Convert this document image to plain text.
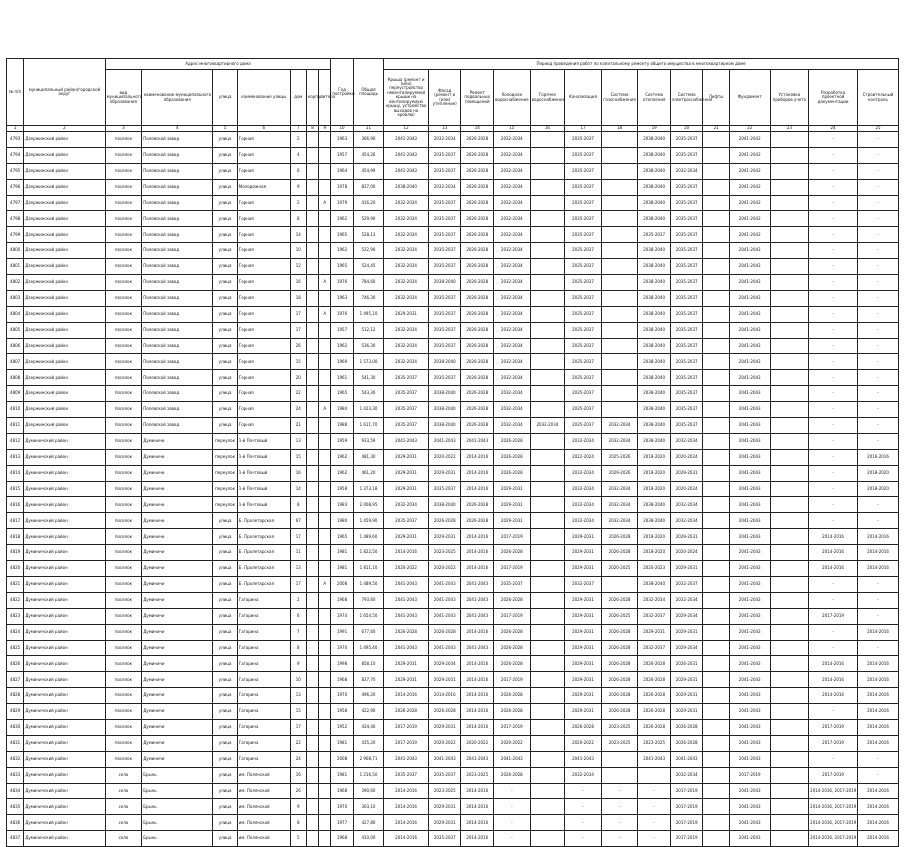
№ п/п	муниципальный район/городской округ	Адрес многоквартирного дома							Год постройки	Общая площадь	Период проведения работ по капитальному ремонту общего имущества в многоквартирном доме													
		вид муниципального образования	наименование муниципального образования	улица	наименование улицы	дом	корпус	литера			Крыша (ремонт и (или) переустройство невентилируемой крыши на вентилируемую крышу, устройство выходов на кровлю)	Фасад (ремонт и (или) утепление)	Ремонт подвальных помещений	Холодное водоснабжение	Горячее водоснабжение	Канализация	Система газоснабжения	Система отопления	Система электроснабжения	Лифты	Фундамент	Установка приборов учета	Разработка проектной документации	Строительный контроль
1	2	3	4	5	6	7	8	9	10	11	12	13	14	15	16	17	18	19	20	21	22	23	24	25
4793	Дзержинский район	поселок	Полевской завод	улица	Горная	2			1963	366,90	2041-2043	2032-2034	2026-2028	2032-2034		2035-2037		2038-2040	2035-2037		2041-2043		-	-
4794	Дзержинский район	поселок	Полевской завод	улица	Горная	4			1957	454,26	2041-2043	2035-2037	2026-2028	2032-2034		2035-2037		2038-2040	2035-2037		2041-2043		-	-
4795	Дзержинский район	поселок	Полевской завод	улица	Горная	6			1964	454,99	2041-2043	2035-2037	2026-2028	2032-2034		2035-2037		2038-2040	2032-2034		2041-2043		-	-
4796	Дзержинский район	поселок	Полевской завод	улица	Молодежная	9			1978	837,00	2038-2040	2032-2034	2026-2028	2032-2034		2035-2037		2038-2040	2035-2037		2041-2043		-	-
4797	Дзержинский район	поселок	Полевской завод	улица	Горная	2		А	1979	416,20	2032-2034	2035-2037	2026-2028	2032-2034		2035-2037		2038-2040	2035-2037		2041-2043		-	-
4798	Дзержинский район	поселок	Полевской завод	улица	Горная	8			1962	529,90	2032-2034	2035-2037	2026-2028	2032-2034		2035-2037		2038-2040	2035-2037		2041-2043		-	-
4799	Дзержинский район	поселок	Полевской завод	улица	Горная	14			1965	528,13	2032-2034	2035-2037	2026-2028	2032-2034		2035-2037		2035-2037	2035-2037		2041-2043		-	-
4800	Дзержинский район	поселок	Полевской завод	улица	Горная	10			1962	522,90	2032-2034	2035-2037	2026-2028	2032-2034		2035-2037		2038-2040	2035-2037		2041-2043		-	-
4801	Дзержинский район	поселок	Полевской завод	улица	Горная	12			1965	524,45	2032-2034	2035-2037	2026-2028	2032-2034		2035-2037		2038-2040	2035-2037		2041-2043		-	-
4802	Дзержинский район	поселок	Полевской завод	улица	Горная	16		А	1976	784,60	2032-2034	2038-2040	2026-2028	2032-2034		2035-2037		2038-2040	2035-2037		2041-2043		-	-
4803	Дзержинский район	поселок	Полевской завод	улица	Горная	18			1963	746,30	2032-2034	2035-2037	2026-2028	2032-2034		2035-2037		2038-2040	2035-2037		2041-2043		-	-
4804	Дзержинский район	поселок	Полевской завод	улица	Горная	17		А	1976	1 495,10	2029-2031	2035-2037	2026-2028	2032-2034		2035-2037		2038-2040	2035-2037		2041-2043		-	-
4805	Дзержинский район	поселок	Полевской завод	улица	Горная	17			1957	512,12	2032-2034	2035-2037	2026-2028	2032-2034		2035-2037		2038-2040	2035-2037		2041-2043		-	-
4806	Дзержинский район	поселок	Полевской завод	улица	Горная	26			1962	536,30	2032-2034	2035-2037	2026-2028	2032-2034		2035-2037		2038-2040	2035-2037		2041-2043		-	-
4807	Дзержинский район	поселок	Полевской завод	улица	Горная	15			1969	1 573,00	2032-2034	2038-2040	2026-2028	2032-2034		2035-2037		2038-2040	2035-2037		2041-2043		-	-
4808	Дзержинский район	поселок	Полевской завод	улица	Горная	20			1961	541,30	2035-2037	2035-2037	2026-2028	2032-2034		2035-2037		2038-2040	2035-2037		2041-2043		-	-
4809	Дзержинский район	поселок	Полевской завод	улица	Горная	22			1965	543,30	2035-2037	2038-2040	2026-2028	2032-2034		2035-2037		2038-2040	2035-2037		2041-2043		-	-
4810	Дзержинский район	поселок	Полевской завод	улица	Горная	24		А	1984	1 423,30	2035-2037	2038-2040	2026-2028	2032-2034		2035-2037		2038-2040	2035-2037		2041-2043		-	-
4811	Дзержинский район	поселок	Полевской завод	улица	Горная	21			1988	1 611,70	2035-2037	2038-2040	2026-2028	2032-2034	2032-2034	2035-2037	2032-2034	2038-2040	2035-2037		2041-2043		-	-
4812	Думиничский район	поселок	Думиничи	переулок	1-й Почтовый	13			1959	933,59	2041-2043	2041-2043	2041-2043	2026-2028		2032-2034	2032-2034	2038-2040	2032-2034		2041-2043		-	-
4813	Думиничский район	поселок	Думиничи	переулок	1-й Почтовый	15			1962	481,30	2029-2031	2020-2022	2014-2016	2026-2028		2022-2024	2025-2026	2018-2020	2020-2024		2041-2043		-	2016-2016
4814	Думиничский район	поселок	Думиничи	переулок	1-й Почтовый	16			1962	461,20	2029-2031	2029-2031	2014-2016	2026-2028		2032-2034	2029-2026	2018-2020	2029-2031		2041-2043		-	2018-2020
4815	Думиничский район	поселок	Думиничи	переулок	1-й Почтовый	14			1958	1 373,18	2029-2031	2035-2037	2014-2016	2029-2031		2032-2034	2032-2034	2018-2020	2020-2024		2041-2043		-	2018-2020
4816	Думиничский район	поселок	Думиничи	переулок	1-й Почтовый	8			1983	2 008,95	2032-2034	2038-2040	2026-2028	2029-2031		2032-2034	2032-2034	2038-2040	2032-2034		2041-2043		-	-
4817	Думиничский район	поселок	Думиничи	улица	Б. Пролетарская	67			1980	1 459,90	2035-2037	2026-2028	2026-2028	2029-2031		2032-2034	2032-2034	2038-2040	2032-2034		2041-2043		-	-
4818	Думиничский район	поселок	Думиничи	улица	Б. Пролетарская	17			1965	1 489,60	2029-2031	2029-2031	2014-2016	2017-2019		2029-2031	2026-2028	2018-2020	2029-2031		2041-2043		2014-2016	2014-2016
4819	Думиничский район	поселок	Думиничи	улица	Б. Пролетарская	11			1981	1 822,50	2014-2016	2023-2025	2014-2016	2026-2028		2029-2031	2026-2028	2018-2020	2020-2024		2041-2043		2014-2016	2014-2016
4820	Думиничский район	поселок	Думиничи	улица	Б. Пролетарская	13			1981	1 811,10	2020-2022	2020-2022	2014-2016	2017-2019		2029-2031	2020-2025	2020-2023	2029-2031		2041-2043		2014-2016	2014-2016
4821	Думиничский район	поселок	Думиничи	улица	Б. Пролетарская	17		А	2008	1 489,50	2041-2043	2041-2043	2041-2043	2035-2037		2032-2037		2038-2040	2032-2037		2041-2043		-	-
4822	Думиничский район	поселок	Думиничи	улица	Гагарина	2			1968	793,60	2041-2043	2041-2043	2041-2043	2026-2028		2029-2031	2026-2028	2032-2034	2032-2034		2041-2043		-	-
4823	Думиничский район	поселок	Думиничи	улица	Гагарина	6			1974	1 654,50	2041-2043	2041-2043	2041-2043	2017-2019		2029-2031	2026-2025	2032-2037	2029-2034		2041-2043		2017-2019	-
4824	Думиничский район	поселок	Думиничи	улица	Гагарина	7			1991	677,60	2026-2028	2026-2028	2014-2016	2026-2028		2029-2031	2026-2028	2029-2031	2029-2031		2041-2043		-	2014-2016
4825	Думиничский район	поселок	Думиничи	улица	Гагарина	8			1970	1 495,40	2041-2043	2041-2043	2041-2043	2026-2028		2029-2031	2026-2028	2032-2037	2029-2034		2041-2043		-	-
4826	Думиничский район	поселок	Думиничи	улица	Гагарина	9			1998	858,10	2029-2031	2029-2034	2014-2016	2026-2028		2029-2031	2026-2028	2026-2028	2026-2031		2041-2043		2014-2016	2014-2016
4827	Думиничский район	поселок	Думиничи	улица	Гагарина	10			1968	827,70	2029-2031	2029-2031	2014-2016	2017-2019		2029-2031	2026-2028	2026-2028	2029-2031		2041-2043		2014-2016	2014-2016
4828	Думиничский район	поселок	Думиничи	улица	Гагарина	13			1970	496,20	2014-2016	2014-2016	2014-2016	2026-2028		2029-2031	2026-2028	2026-2028	2029-2031		2041-2043		2014-2016	2014-2016
4829	Думиничский район	поселок	Думиничи	улица	Гагарина	15			1958	422,90	2026-2028	2026-2028	2014-2016	2026-2028		2029-2031	2026-2028	2026-2028	2029-2031		2041-2043		-	2014-2016
4830	Думиничский район	поселок	Думиничи	улица	Гагарина	17			1952	434,40	2017-2019	2029-2031	2014-2016	2017-2019		2026-2028	2023-2025	2026-2028	2026-2028		2041-2043		2017-2019	2014-2016
4831	Думиничский район	поселок	Думиничи	улица	Гагарина	22			1981	435,20	2017-2019	2020-2022	2020-2022	2020-2022		2020-2022	2023-2025	2023-2025	2026-2028		2041-2043		2017-2019	2014-2016
4832	Думиничский район	поселок	Думиничи	улица	Гагарина	24			2008	2 908,71	2041-2043	2041-2043	2041-2043	2041-2043		2041-2043		2041-2043	2041-2043		2041-2043		-	-
4833	Думиничский район	село	Брынь	улица	им. Полянской	16			1981	1 216,50	2035-2037	2035-2037	2023-2025	2026-2028		2032-2034			2032-2034		2017-2019		2017-2019	-
4834	Думиничский район	село	Брынь	улица	им. Полянской	26			1968	390,60	2014-2016	2023-2025	2014-2016	-		-	-	-	2017-2019		2041-2043		2014-2016, 2017-2019	2014-2016
4835	Думиничский район	село	Брынь	улица	им. Полянской	9			1970	303,10	2014-2016	2029-2031	2014-2016	-		-	-	-	2017-2019		2041-2043		2014-2016, 2017-2019	2014-2016
4836	Думиничский район	село	Брынь	улица	им. Полянской	8			1977	427,80	2014-2016	2029-2031	2014-2016	-		-	-	-	2017-2019		2041-2043		2014-2016, 2017-2019	2014-2016
4837	Думиничский район	село	Брынь	улица	им. Полянской	5			1968	410,00	2014-2016	2035-2037	2014-2016	-		-	-	-	2017-2019		2041-2043		2014-2016, 2017-2019	2014-2016
